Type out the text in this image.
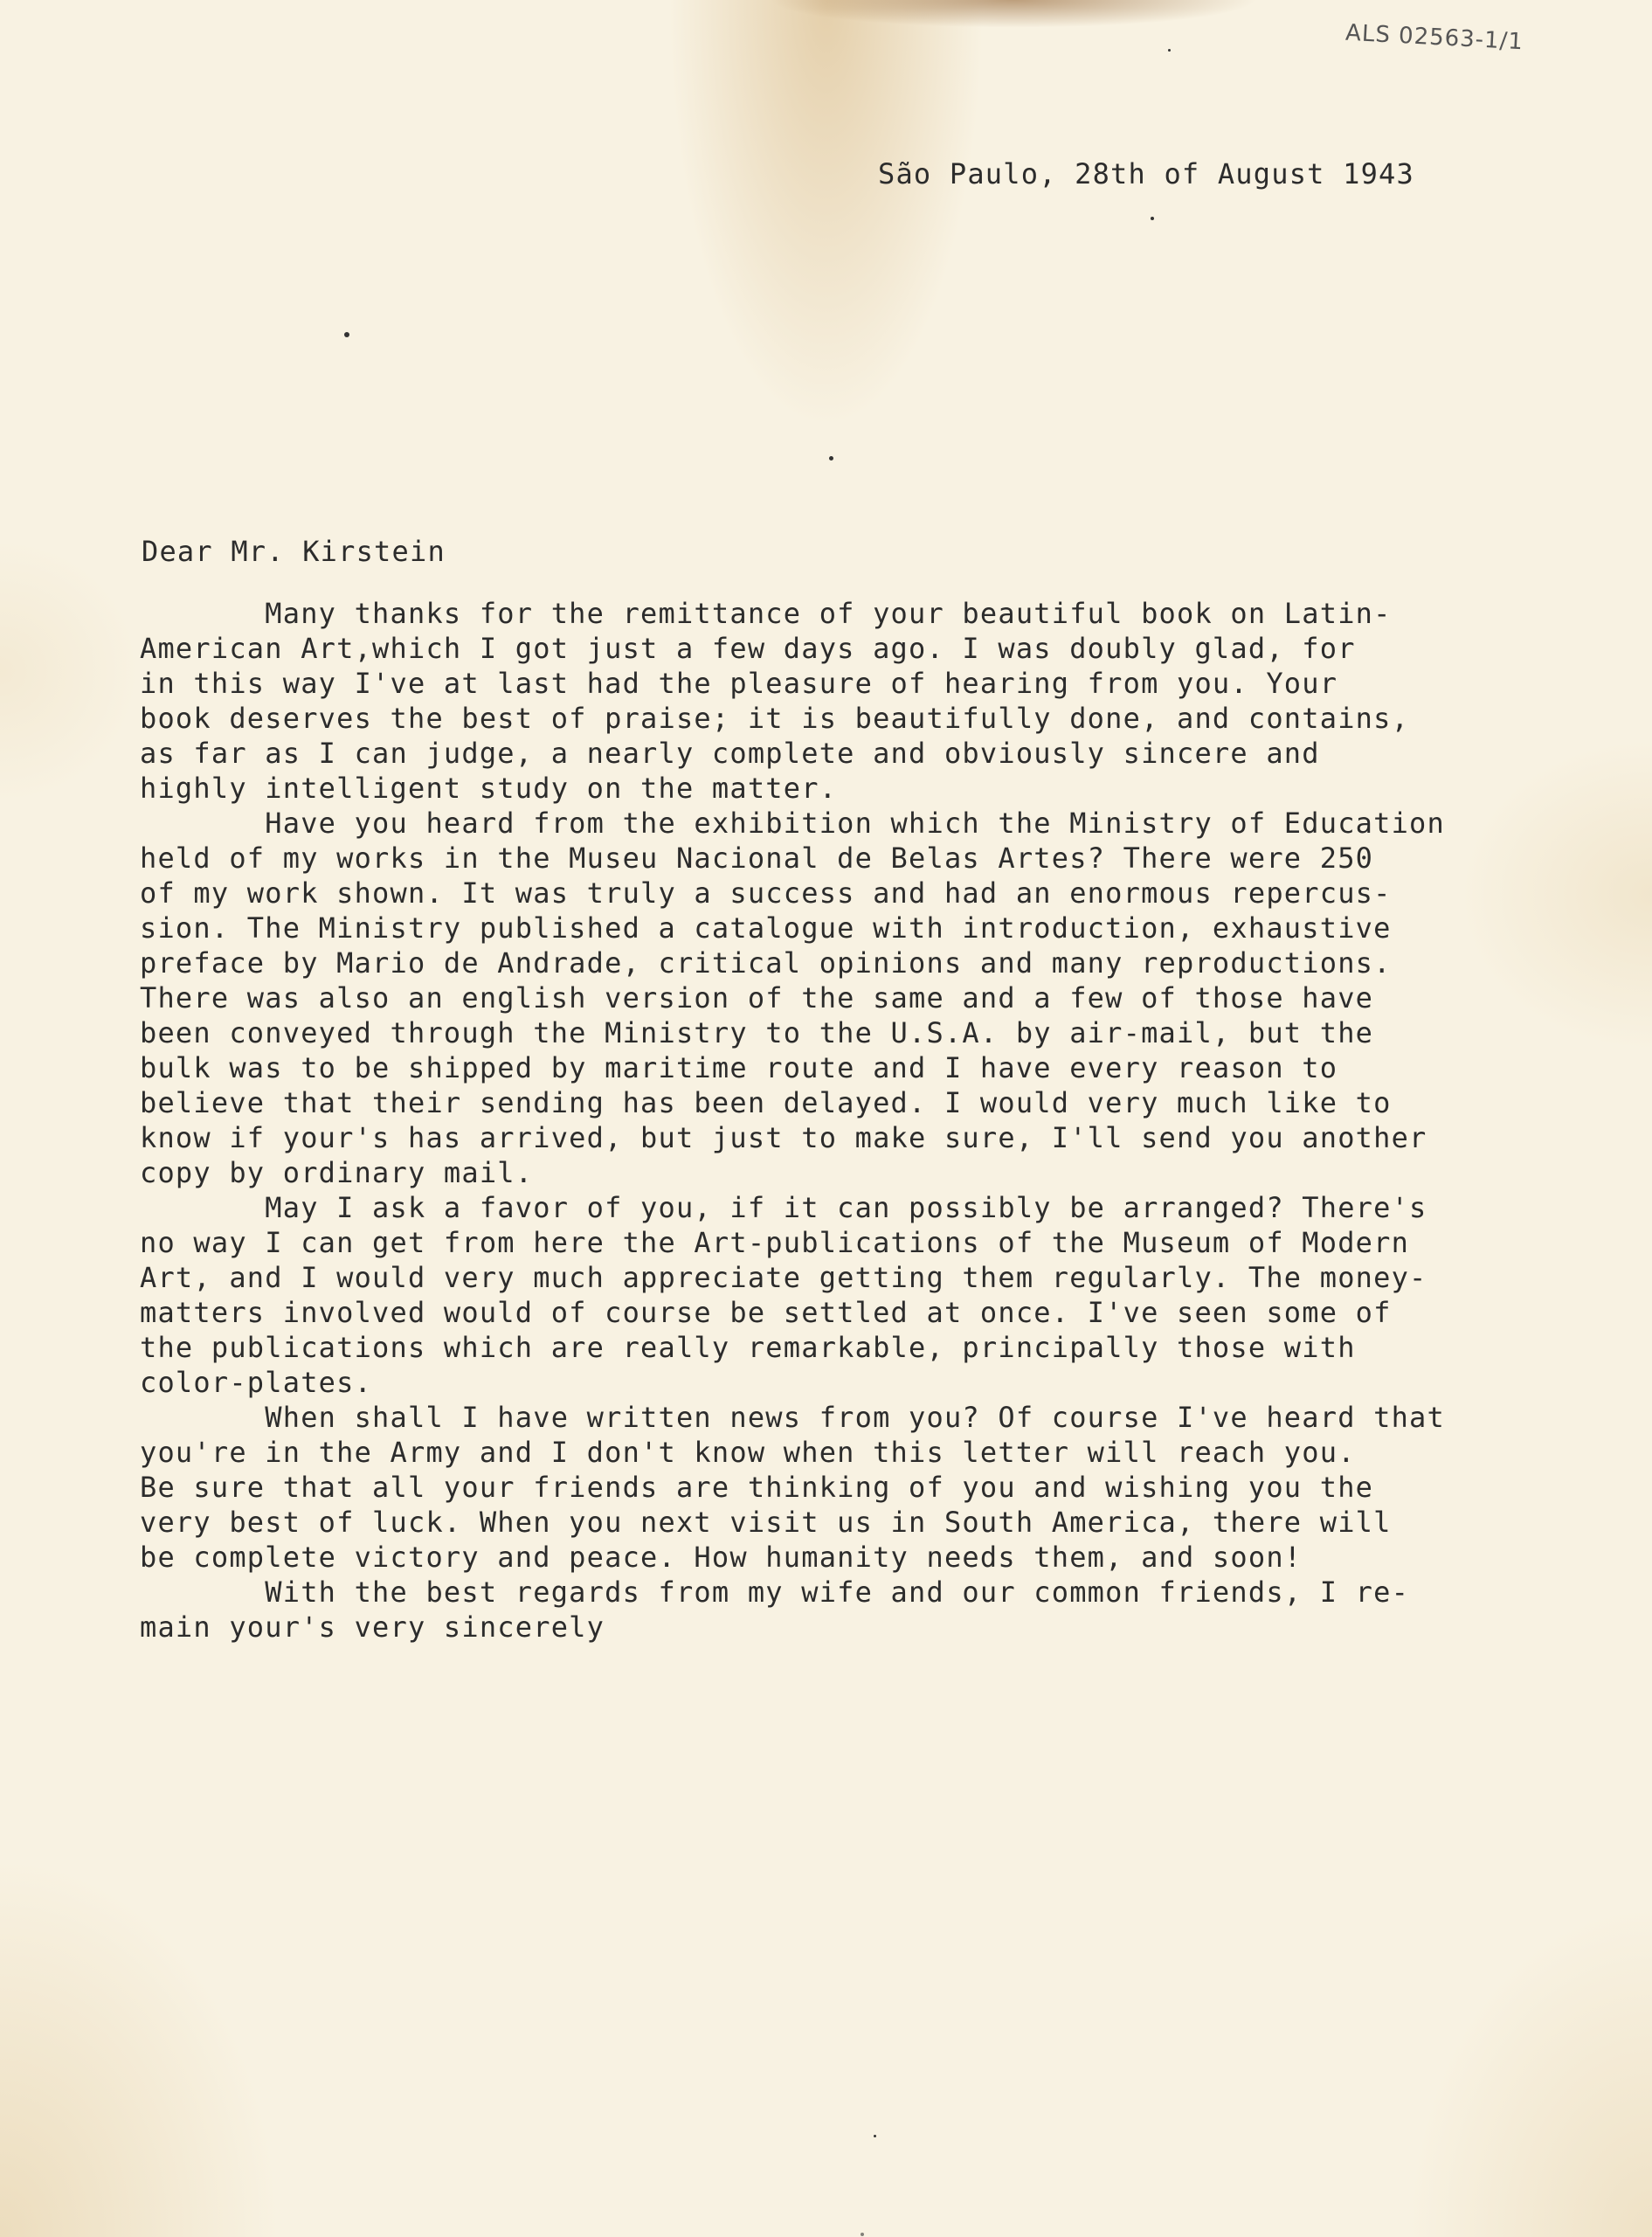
ALS 02563-1/1
São Paulo, 28th of August 1943
Dear Mr. Kirstein
Many thanks for the remittance of your beautiful book on Latin-
American Art,which I got just a few days ago. I was doubly glad, for
in this way I've at last had the pleasure of hearing from you. Your
book deserves the best of praise; it is beautifully done, and contains,
as far as I can judge, a nearly complete and obviously sincere and
highly intelligent study on the matter.
Have you heard from the exhibition which the Ministry of Education
held of my works in the Museu Nacional de Belas Artes? There were 250
of my work shown. It was truly a success and had an enormous repercus-
sion. The Ministry published a catalogue with introduction, exhaustive
preface by Mario de Andrade, critical opinions and many reproductions.
There was also an english version of the same and a few of those have
been conveyed through the Ministry to the U.S.A. by air-mail, but the
bulk was to be shipped by maritime route and I have every reason to
believe that their sending has been delayed. I would very much like to
know if your's has arrived, but just to make sure, I'll send you another
copy by ordinary mail.
May I ask a favor of you, if it can possibly be arranged? There's
no way I can get from here the Art-publications of the Museum of Modern
Art, and I would very much appreciate getting them regularly. The money-
matters involved would of course be settled at once. I've seen some of
the publications which are really remarkable, principally those with
color-plates.
When shall I have written news from you? Of course I've heard that
you're in the Army and I don't know when this letter will reach you.
Be sure that all your friends are thinking of you and wishing you the
very best of luck. When you next visit us in South America, there will
be complete victory and peace. How humanity needs them, and soon!
With the best regards from my wife and our common friends, I re-
main your's very sincerely
